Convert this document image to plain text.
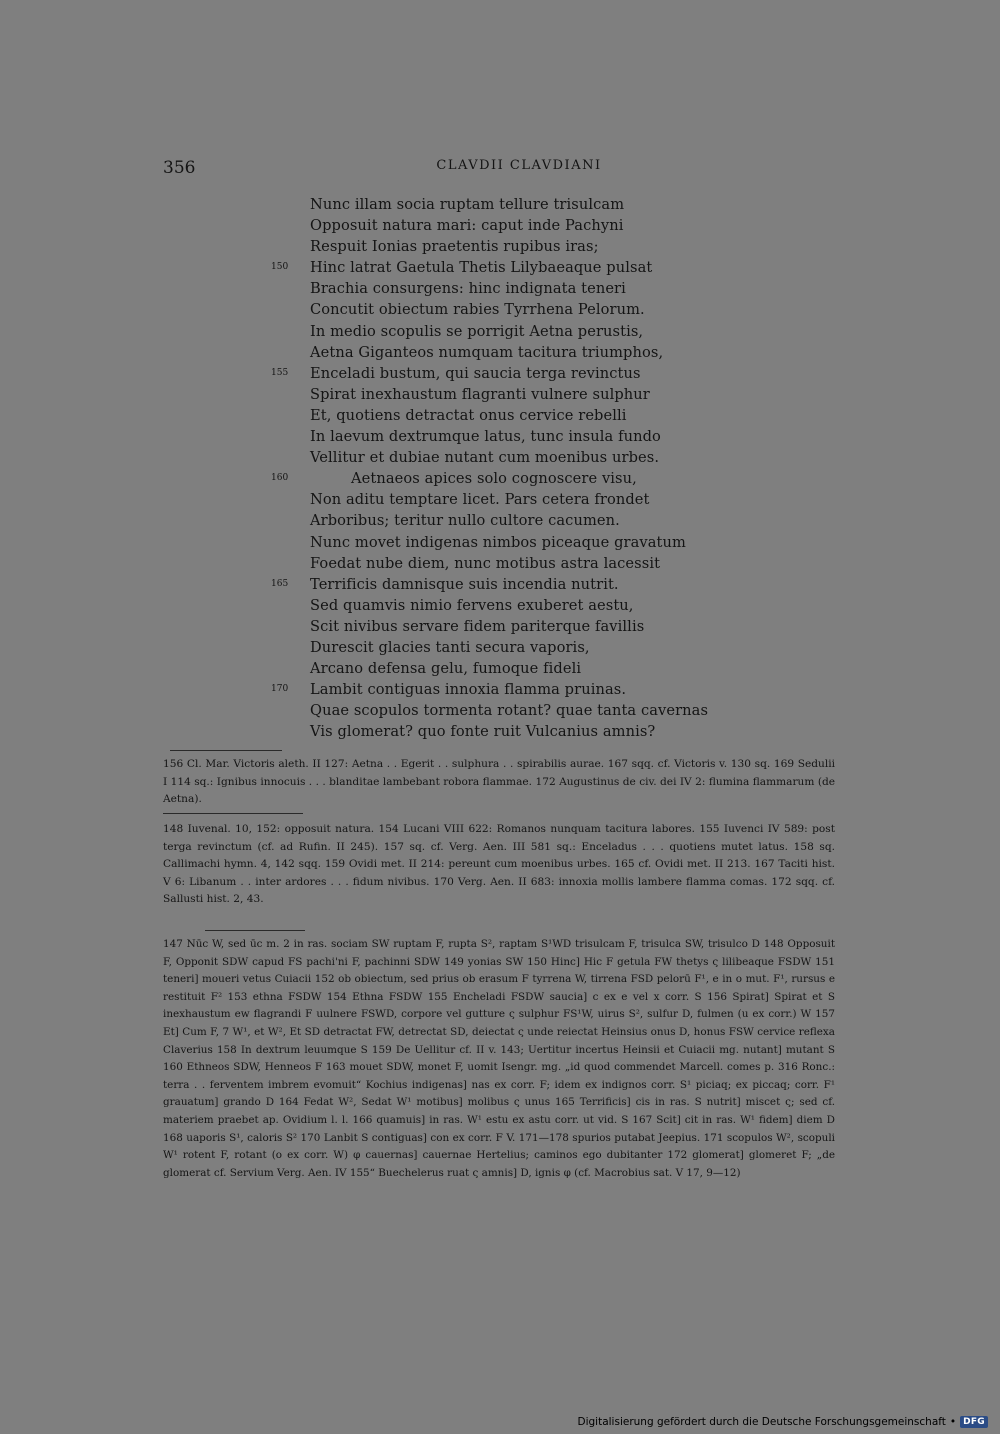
356	CLAVDII CLAVDIANI
Nunc illam socia ruptam tellure trisulcam
Opposuit natura mari: caput inde Pachyni
Respuit Ionias praetentis rupibus iras;
150 Hinc latrat Gaetula Thetis Lilybaeaque pulsat
Brachia consurgens: hinc indignata teneri
Concutit obiectum rabies Tyrrhena Pelorum.
In medio scopulis se porrigit Aetna perustis,
Aetna Giganteos numquam tacitura triumphos,
155 Enceladi bustum, qui saucia terga revinctus
Spirat inexhaustum flagranti vulnere sulphur
Et, quotiens detractat onus cervice rebelli
In laevum dextrumque latus, tunc insula fundo
Vellitur et dubiae nutant cum moenibus urbes.
160	Aetnaeos apices solo cognoscere visu,
Non aditu temptare licet. Pars cetera frondet
Arboribus; teritur nullo cultore cacumen.
Nunc movet indigenas nimbos piceaque gravatum
Foedat nube diem, nunc motibus astra lacessit
165 Terrificis damnisque suis incendia nutrit.
Sed quamvis nimio fervens exuberet aestu,
Scit nivibus servare fidem pariterque favillis
Durescit glacies tanti secura vaporis,
Arcano defensa gelu, fumoque fideli
170 Lambit contiguas innoxia flamma pruinas.
Quae scopulos tormenta rotant? quae tanta cavernas
Vis glomerat? quo fonte ruit Vulcanius amnis?

156 Cl. Mar. Victoris aleth. II 127: Aetna . . Egerit . . sulphura . . spirabilis aurae. 167 sqq. cf. Victoris v. 130 sq. 169 Sedulii I 114 sq.: Ignibus innocuis . . . blanditae lambebant robora flammae. 172 Augustinus de civ. dei IV 2: flumina flammarum (de Aetna).

148 Iuvenal. 10, 152: opposuit natura. 154 Lucani VIII 622: Romanos nunquam tacitura labores. 155 Iuvenci IV 589: post terga revinctum (cf. ad Rufin. II 245). 157 sq. cf. Verg. Aen. III 581 sq.: Enceladus . . . quotiens mutet latus. 158 sq. Callimachi hymn. 4, 142 sqq. 159 Ovidi met. II 214: pereunt cum moenibus urbes. 165 cf. Ovidi met. II 213. 167 Taciti hist. V 6: Libanum . . inter ardores . . . fidum nivibus. 170 Verg. Aen. II 683: innoxia mollis lambere flamma comas. 172 sqq. cf. Sallusti hist. 2, 43.

147 Nūc W, sed ūc m. 2 in ras. sociam SW ruptam F, rupta S², raptam S¹WD trisulcam F, trisulca SW, trisulco D 148 Opposuit F, Opponit SDW capud FS pachi'ni F, pachinni SDW 149 yonias SW 150 Hinc] Hic F getula FW thetys ς lilibeaque FSDW 151 teneri] moueri vetus Cuiacii 152 ob obiectum, sed prius ob erasum F tyrrena W, tirrena FSD pelorū F¹, e in o mut. F¹, rursus e restituit F² 153 ethna FSDW 154 Ethna FSDW 155 Encheladi FSDW saucia] c ex e vel x corr. S 156 Spirat] Spirat et S inexhaustum ew flagrandi F uulnere FSWD, corpore vel gutture ς sulphur FS¹W, uirus S², sulfur D, fulmen (u ex corr.) W 157 Et] Cum F, 7 W¹, et W², Et SD detractat FW, detrectat SD, deiectat ς unde reiectat Heinsius onus D, honus FSW cervice reflexa Claverius 158 In dextrum leuumque S 159 De Uellitur cf. II v. 143; Uertitur incertus Heinsii et Cuiacii mg. nutant] mutant S 160 Ethneos SDW, Henneos F 163 mouet SDW, monet F, uomit Isengr. mg. „id quod commendet Marcell. comes p. 316 Ronc.: terra . . ferventem imbrem evomuit“ Kochius indigenas] nas ex corr. F; idem ex indignos corr. S¹ piciaq; ex piccaq; corr. F¹ grauatum] grando D 164 Fedat W², Sedat W¹ motibus] molibus ς unus 165 Terrificis] cis in ras. S nutrit] miscet ς; sed cf. materiem praebet ap. Ovidium l. l. 166 quamuis] in ras. W¹ estu ex astu corr. ut vid. S 167 Scit] cit in ras. W¹ fidem] diem D 168 uaporis S¹, caloris S² 170 Lanbit S contiguas] con ex corr. F V. 171—178 spurios putabat Jeepius. 171 scopulos W², scopuli W¹ rotent F, rotant (o ex corr. W) φ cauernas] cauernae Hertelius; caminos ego dubitanter 172 glomerat] glomeret F; „de glomerat cf. Servium Verg. Aen. IV 155“ Buechelerus ruat ς amnis] D, ignis φ (cf. Macrobius sat. V 17, 9—12)

Digitalisierung gefördert durch die Deutsche Forschungsgemeinschaft • DFG
